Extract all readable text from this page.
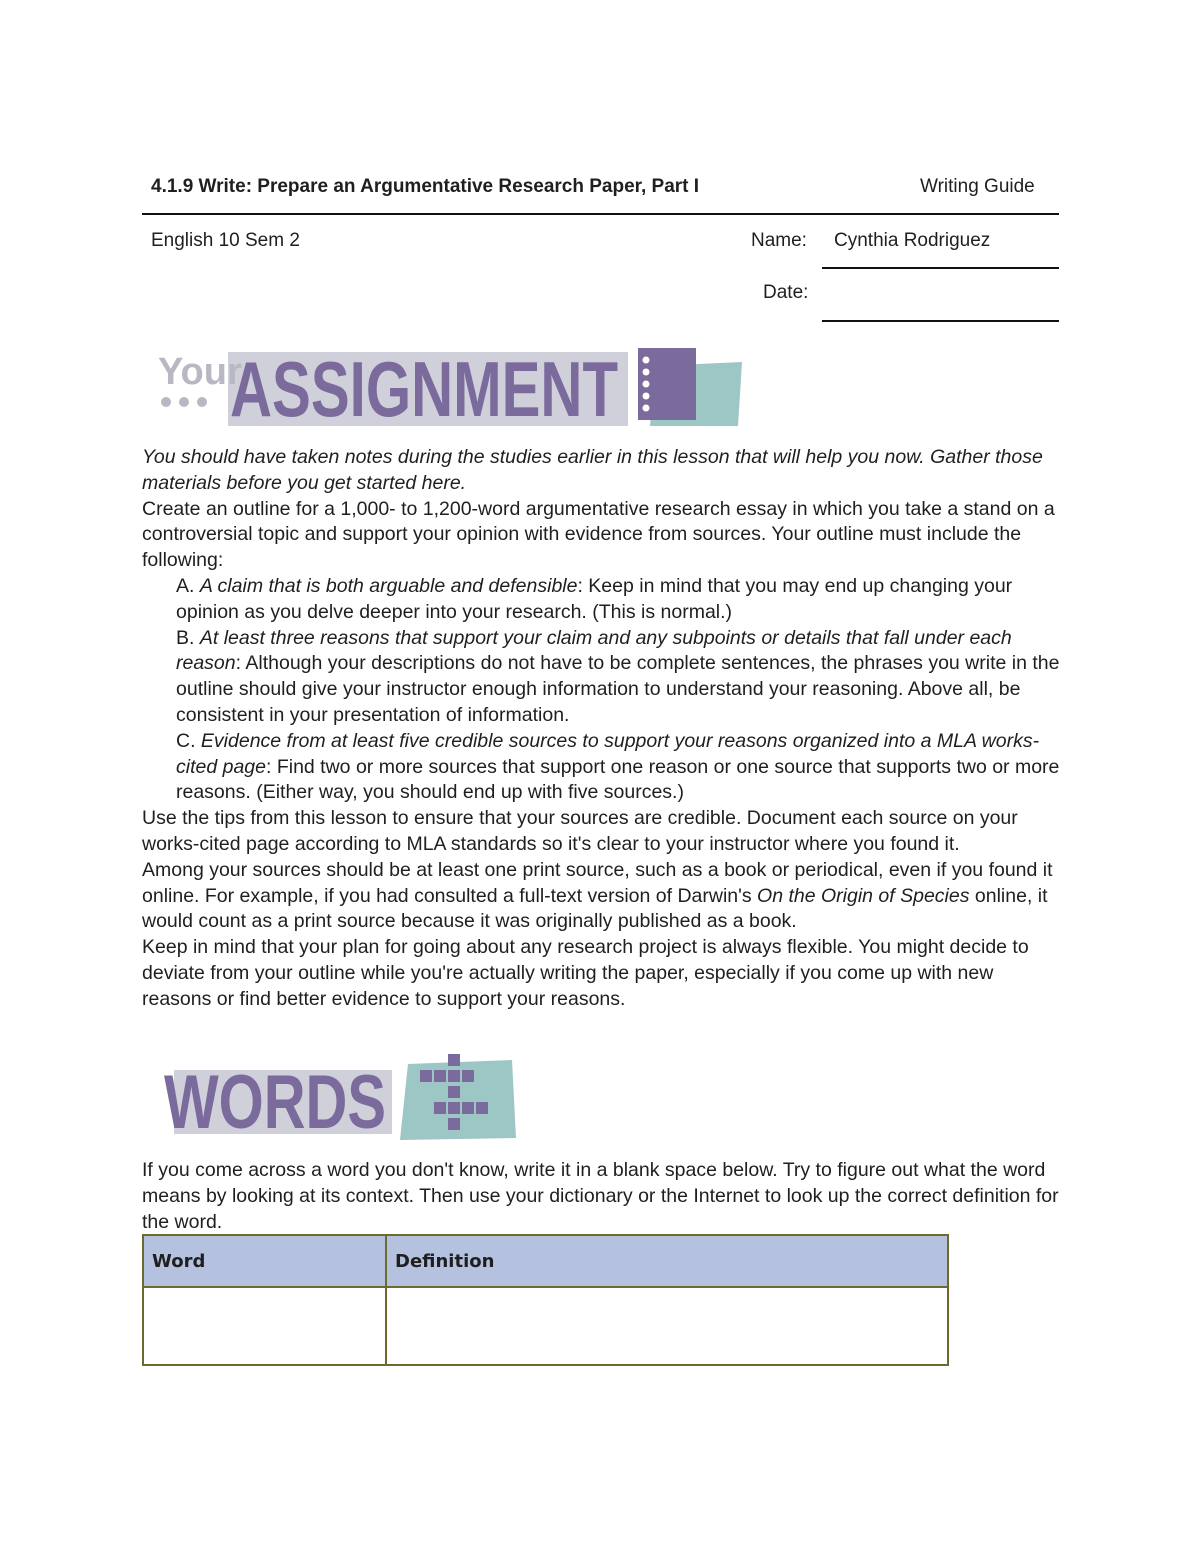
4.1.9 Write: Prepare an Argumentative Research Paper, Part I	Writing Guide
English 10 Sem 2	Name: Cynthia Rodriguez
Date:
Your
ASSIGNMENT

You should have taken notes during the studies earlier in this lesson that will help you now. Gather those materials before you get started here.

Create an outline for a 1,000- to 1,200-word argumentative research essay in which you take a stand on a controversial topic and support your opinion with evidence from sources. Your outline must include the following:

A. A claim that is both arguable and defensible: Keep in mind that you may end up changing your opinion as you delve deeper into your research. (This is normal.)

B. At least three reasons that support your claim and any subpoints or details that fall under each reason: Although your descriptions do not have to be complete sentences, the phrases you write in the outline should give your instructor enough information to understand your reasoning. Above all, be consistent in your presentation of information.

C. Evidence from at least five credible sources to support your reasons organized into a MLA works-cited page: Find two or more sources that support one reason or one source that supports two or more reasons. (Either way, you should end up with five sources.)

Use the tips from this lesson to ensure that your sources are credible. Document each source on your works-cited page according to MLA standards so it's clear to your instructor where you found it.

Among your sources should be at least one print source, such as a book or periodical, even if you found it online. For example, if you had consulted a full-text version of Darwin's On the Origin of Species online, it would count as a print source because it was originally published as a book.

Keep in mind that your plan for going about any research project is always flexible. You might decide to deviate from your outline while you're actually writing the paper, especially if you come up with new reasons or find better evidence to support your reasons.

WORDS

If you come across a word you don't know, write it in a blank space below. Try to figure out what the word means by looking at its context. Then use your dictionary or the Internet to look up the correct definition for the word.

Word	Definition
